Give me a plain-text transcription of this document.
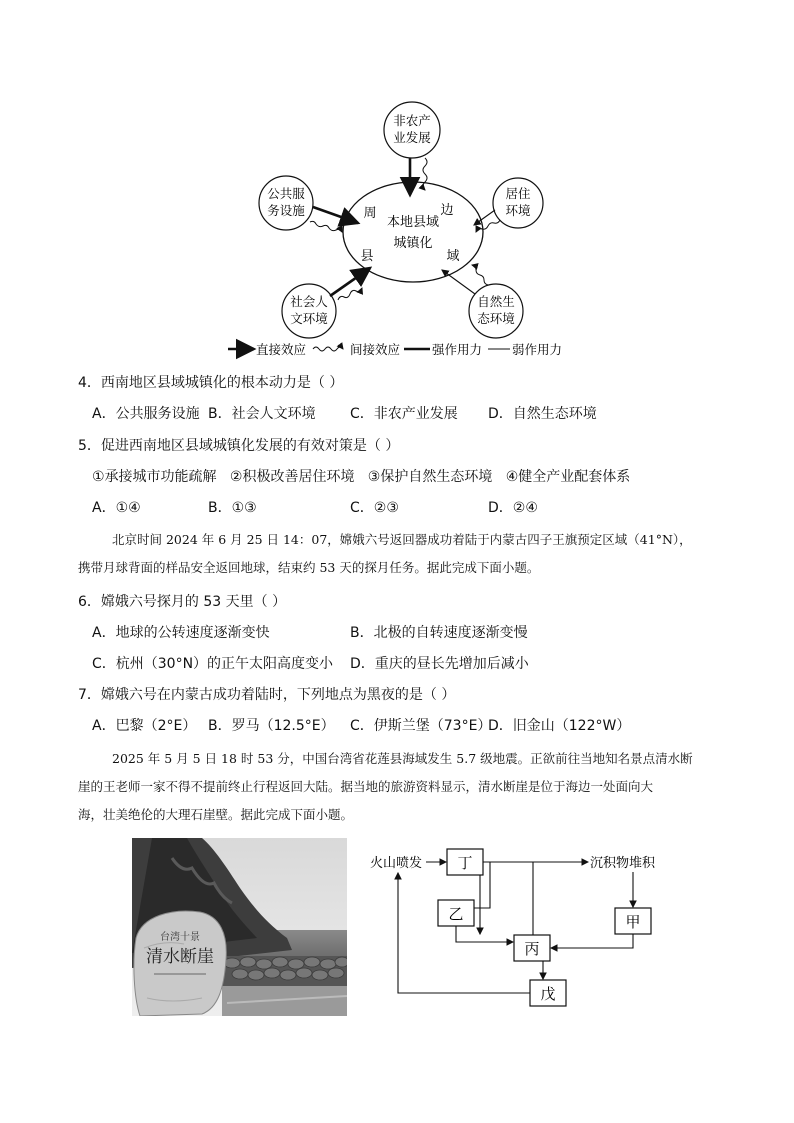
本地县域
城镇化
周	边
县	域
非农产
业发展
公共服
务设施
居住
环境
社会人
文环境
自然生
态环境
直接效应	间接效应	强作用力 弱作用力
4．西南地区县域城镇化的根本动力是（ ）
A．公共服务设施 B．社会人文环境 C．非农产业发展 D．自然生态环境
5．促进西南地区县域城镇化发展的有效对策是（ ）
①承接城市功能疏解   ②积极改善居住环境   ③保护自然生态环境   ④健全产业配套体系
A．①④	B．①③	C．②③	D．②④

北京时间 2024 年 6 月 25 日 14：07，嫦娥六号返回器成功着陆于内蒙古四子王旗预定区域（41°N），

携带月球背面的样品安全返回地球，结束约 53 天的探月任务。据此完成下面小题。

6．嫦娥六号探月的 53 天里（ ）
A．地球的公转速度逐渐变快	B．北极的自转速度逐渐变慢
C．杭州（30°N）的正午太阳高度变小 D．重庆的昼长先增加后减小
7．嫦娥六号在内蒙古成功着陆时，下列地点为黑夜的是（ ）
A．巴黎（2°E） B．罗马（12.5°E） C．伊斯兰堡（73°E）
D．旧金山（122°W）

2025 年 5 月 5 日 18 时 53 分，中国台湾省花莲县海域发生 5.7 级地震。正欲前往当地知名景点清水断

崖的王老师一家不得不提前终止行程返回大陆。据当地的旅游资料显示，清水断崖是位于海边一处面向大

海，壮美绝伦的大理石崖壁。据此完成下面小题。

台湾十景
清水断崖
火山喷发	沉积物堆积
丁
乙
丙
甲
戊
